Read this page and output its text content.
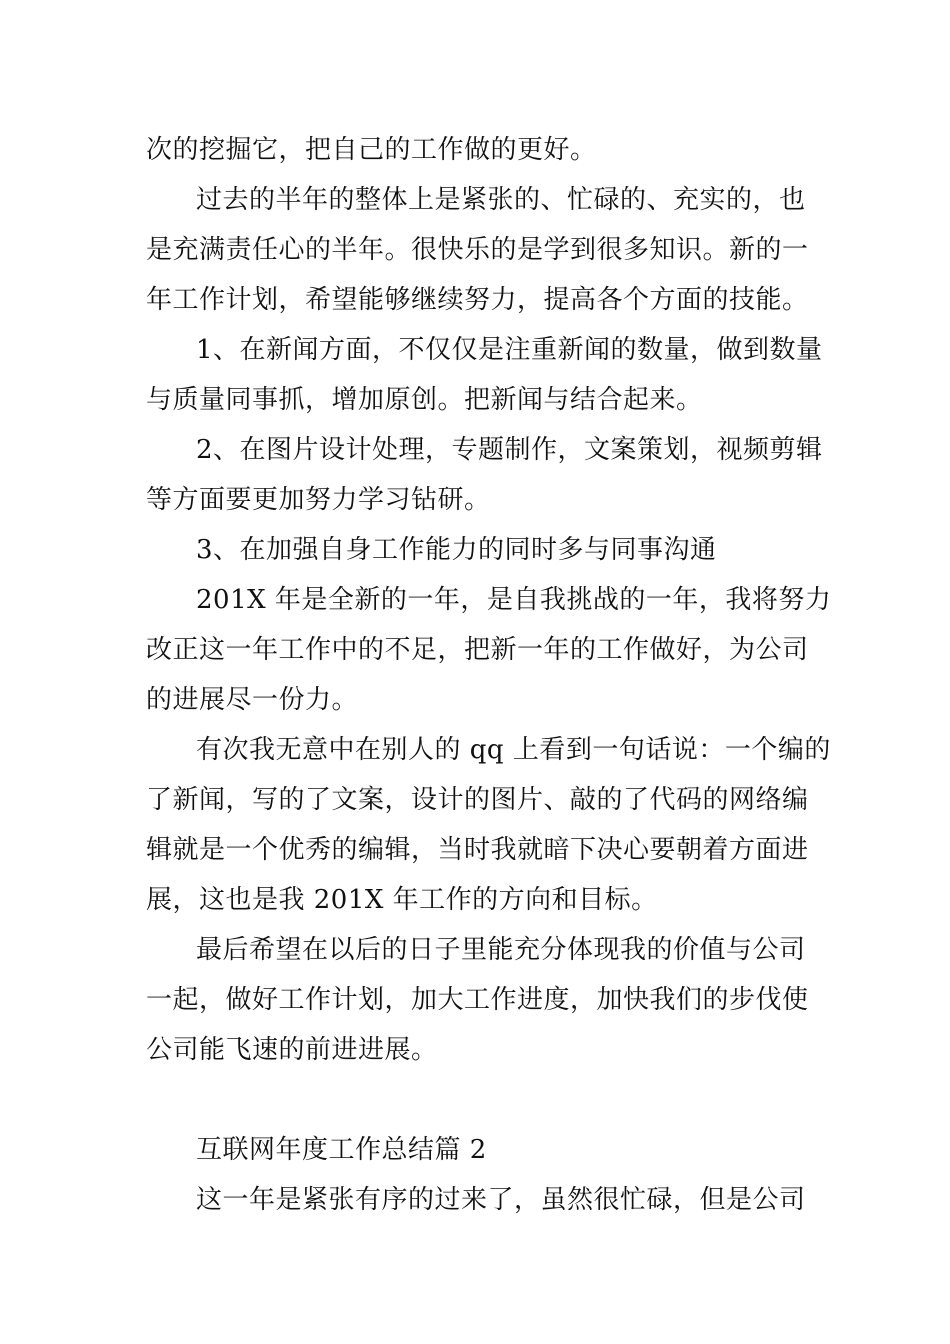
次的挖掘它，把自己的工作做的更好。
过去的半年的整体上是紧张的、忙碌的、充实的，也
是充满责任心的半年。很快乐的是学到很多知识。新的一
年工作计划，希望能够继续努力，提高各个方面的技能。
1、在新闻方面，不仅仅是注重新闻的数量，做到数量
与质量同事抓，增加原创。把新闻与结合起来。
2、在图片设计处理，专题制作，文案策划，视频剪辑
等方面要更加努力学习钻研。
3、在加强自身工作能力的同时多与同事沟通
201X 年是全新的一年，是自我挑战的一年，我将努力
改正这一年工作中的不足，把新一年的工作做好，为公司
的进展尽一份力。
有次我无意中在别人的 qq 上看到一句话说：一个编的
了新闻，写的了文案，设计的图片、敲的了代码的网络编
辑就是一个优秀的编辑，当时我就暗下决心要朝着方面进
展，这也是我 201X 年工作的方向和目标。
最后希望在以后的日子里能充分体现我的价值与公司
一起，做好工作计划，加大工作进度，加快我们的步伐使
公司能飞速的前进进展。
互联网年度工作总结篇 2
这一年是紧张有序的过来了，虽然很忙碌，但是公司
